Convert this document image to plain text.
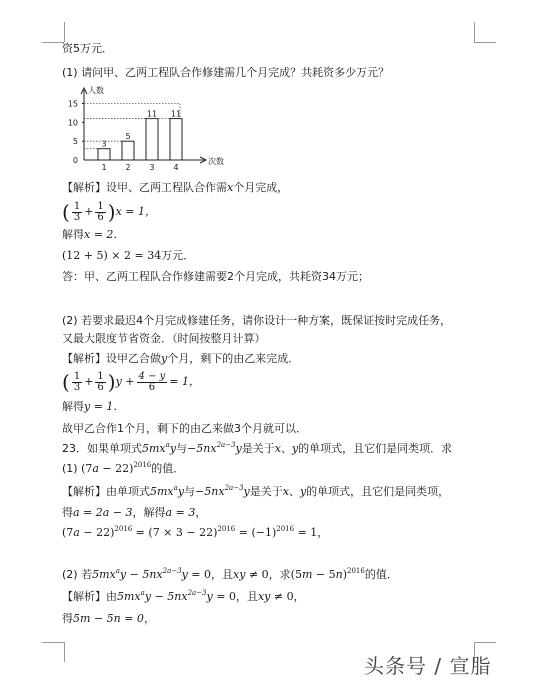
资5万元．
(1) 请问甲、乙两工程队合作修建需几个月完成？共耗资多少万元？
人数
次数
0
5
10
15
3
1
5
2
11
3
11
4
【解析】设甲、乙两工程队合作需x个月完成，
( $\frac{1}{3} + \frac{1}{6} )x = 1$，
解得x = 2．
(12 + 5) × 2 = 34万元．
答：甲、乙两工程队合作修建需要2个月完成，共耗资34万元；
(2) 若要求最迟4个月完成修建任务，请你设计一种方案，既保证按时完成任务，
又最大限度节省资金．（时间按整月计算）
【解析】设甲乙合做y个月，剩下的由乙来完成．
( $\frac{1}{3} + \frac{1}{6} )y + \frac{4 - y}{6} = 1$，
解得y = 1．
故甲乙合作1个月，剩下的由乙来做3个月就可以．
23．如果单项式$5mx^ay$与$-5nx^{2a-3}y$是关于x、y的单项式，且它们是同类项．求
(1) $(7a - 22)^{2016}$的值．
【解析】由单项式$5mx^ay$与$-5nx^{2a-3}y$是关于x、y的单项式，且它们是同类项，
得a = 2a − 3，解得a = 3，
$(7a - 22)^{2016} = (7 \times 3 - 22)^{2016} = (-1)^{2016} = 1$，
(2) 若$5mx^ay - 5nx^{2a-3}y = 0$，且xy ≠ 0，求$(5m - 5n)^{2016}$的值．
【解析】由$5mx^ay - 5nx^{2a-3}y = 0$，且xy ≠ 0，
得5m − 5n = 0，
头条号 / 宣脂
